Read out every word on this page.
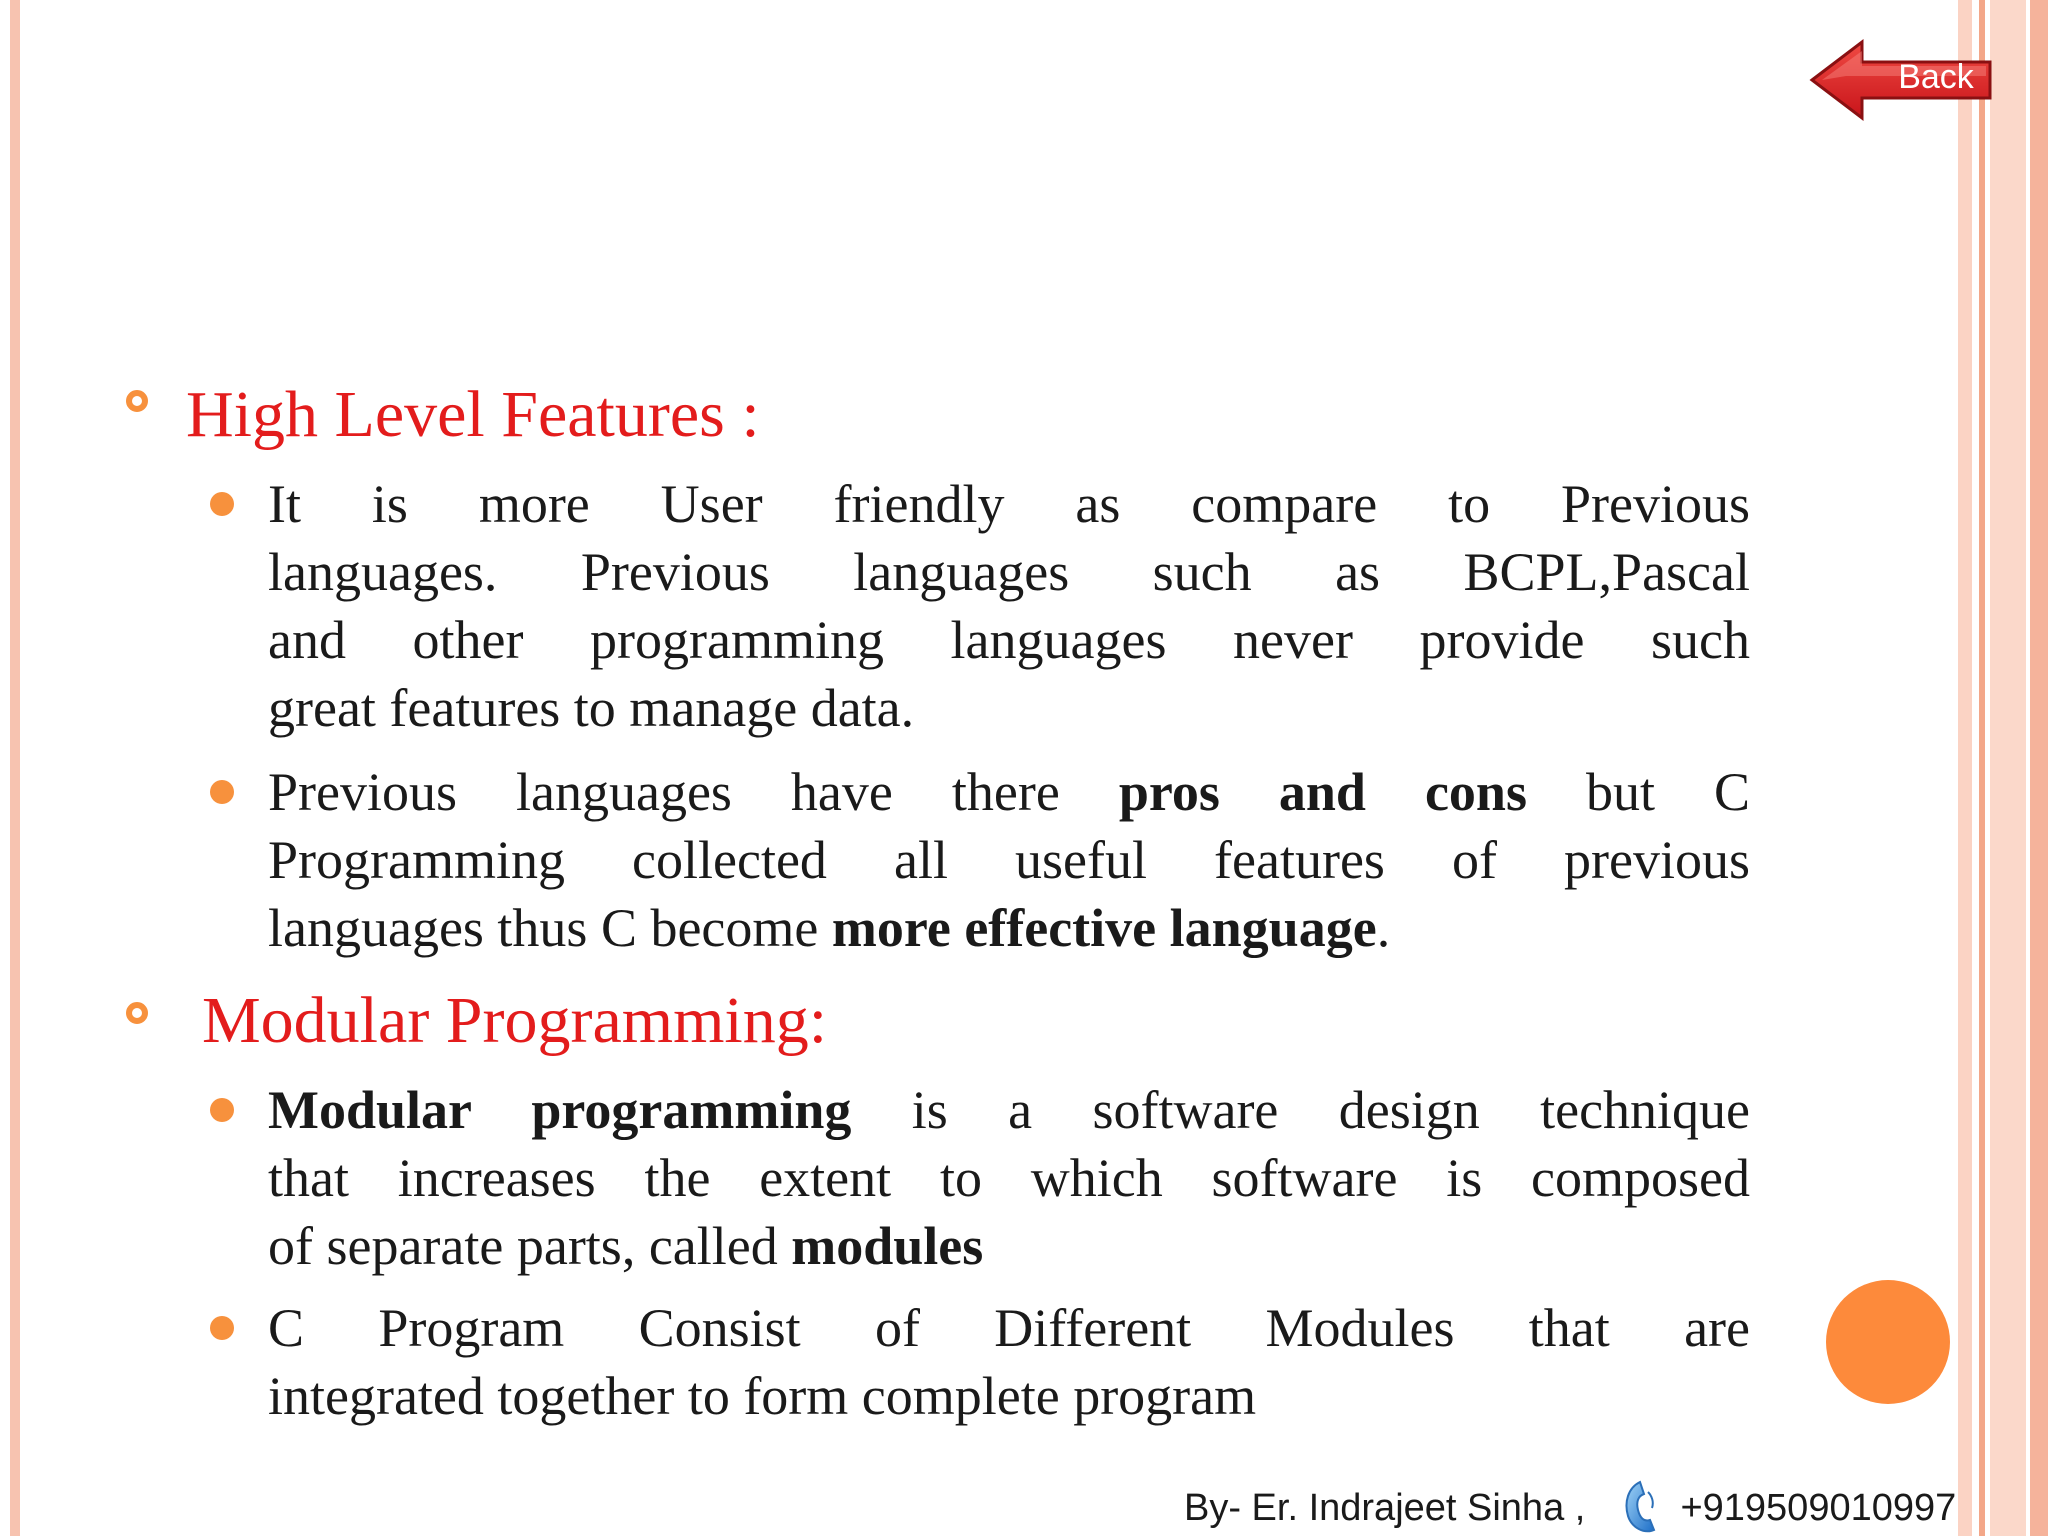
Back
High Level Features :
It is more User friendly as compare to Previous
languages. Previous languages such as BCPL,Pascal
and other programming languages never provide such
great features to manage data.
Previous languages have there pros and cons but C
Programming collected all useful features of previous
languages thus C become more effective language.
Modular Programming:
Modular programming is a software design technique
that increases the extent to which software is composed
of separate parts, called modules
C Program Consist of Different Modules that are
integrated together to form complete program
By- Er. Indrajeet Sinha ,	+919509010997
